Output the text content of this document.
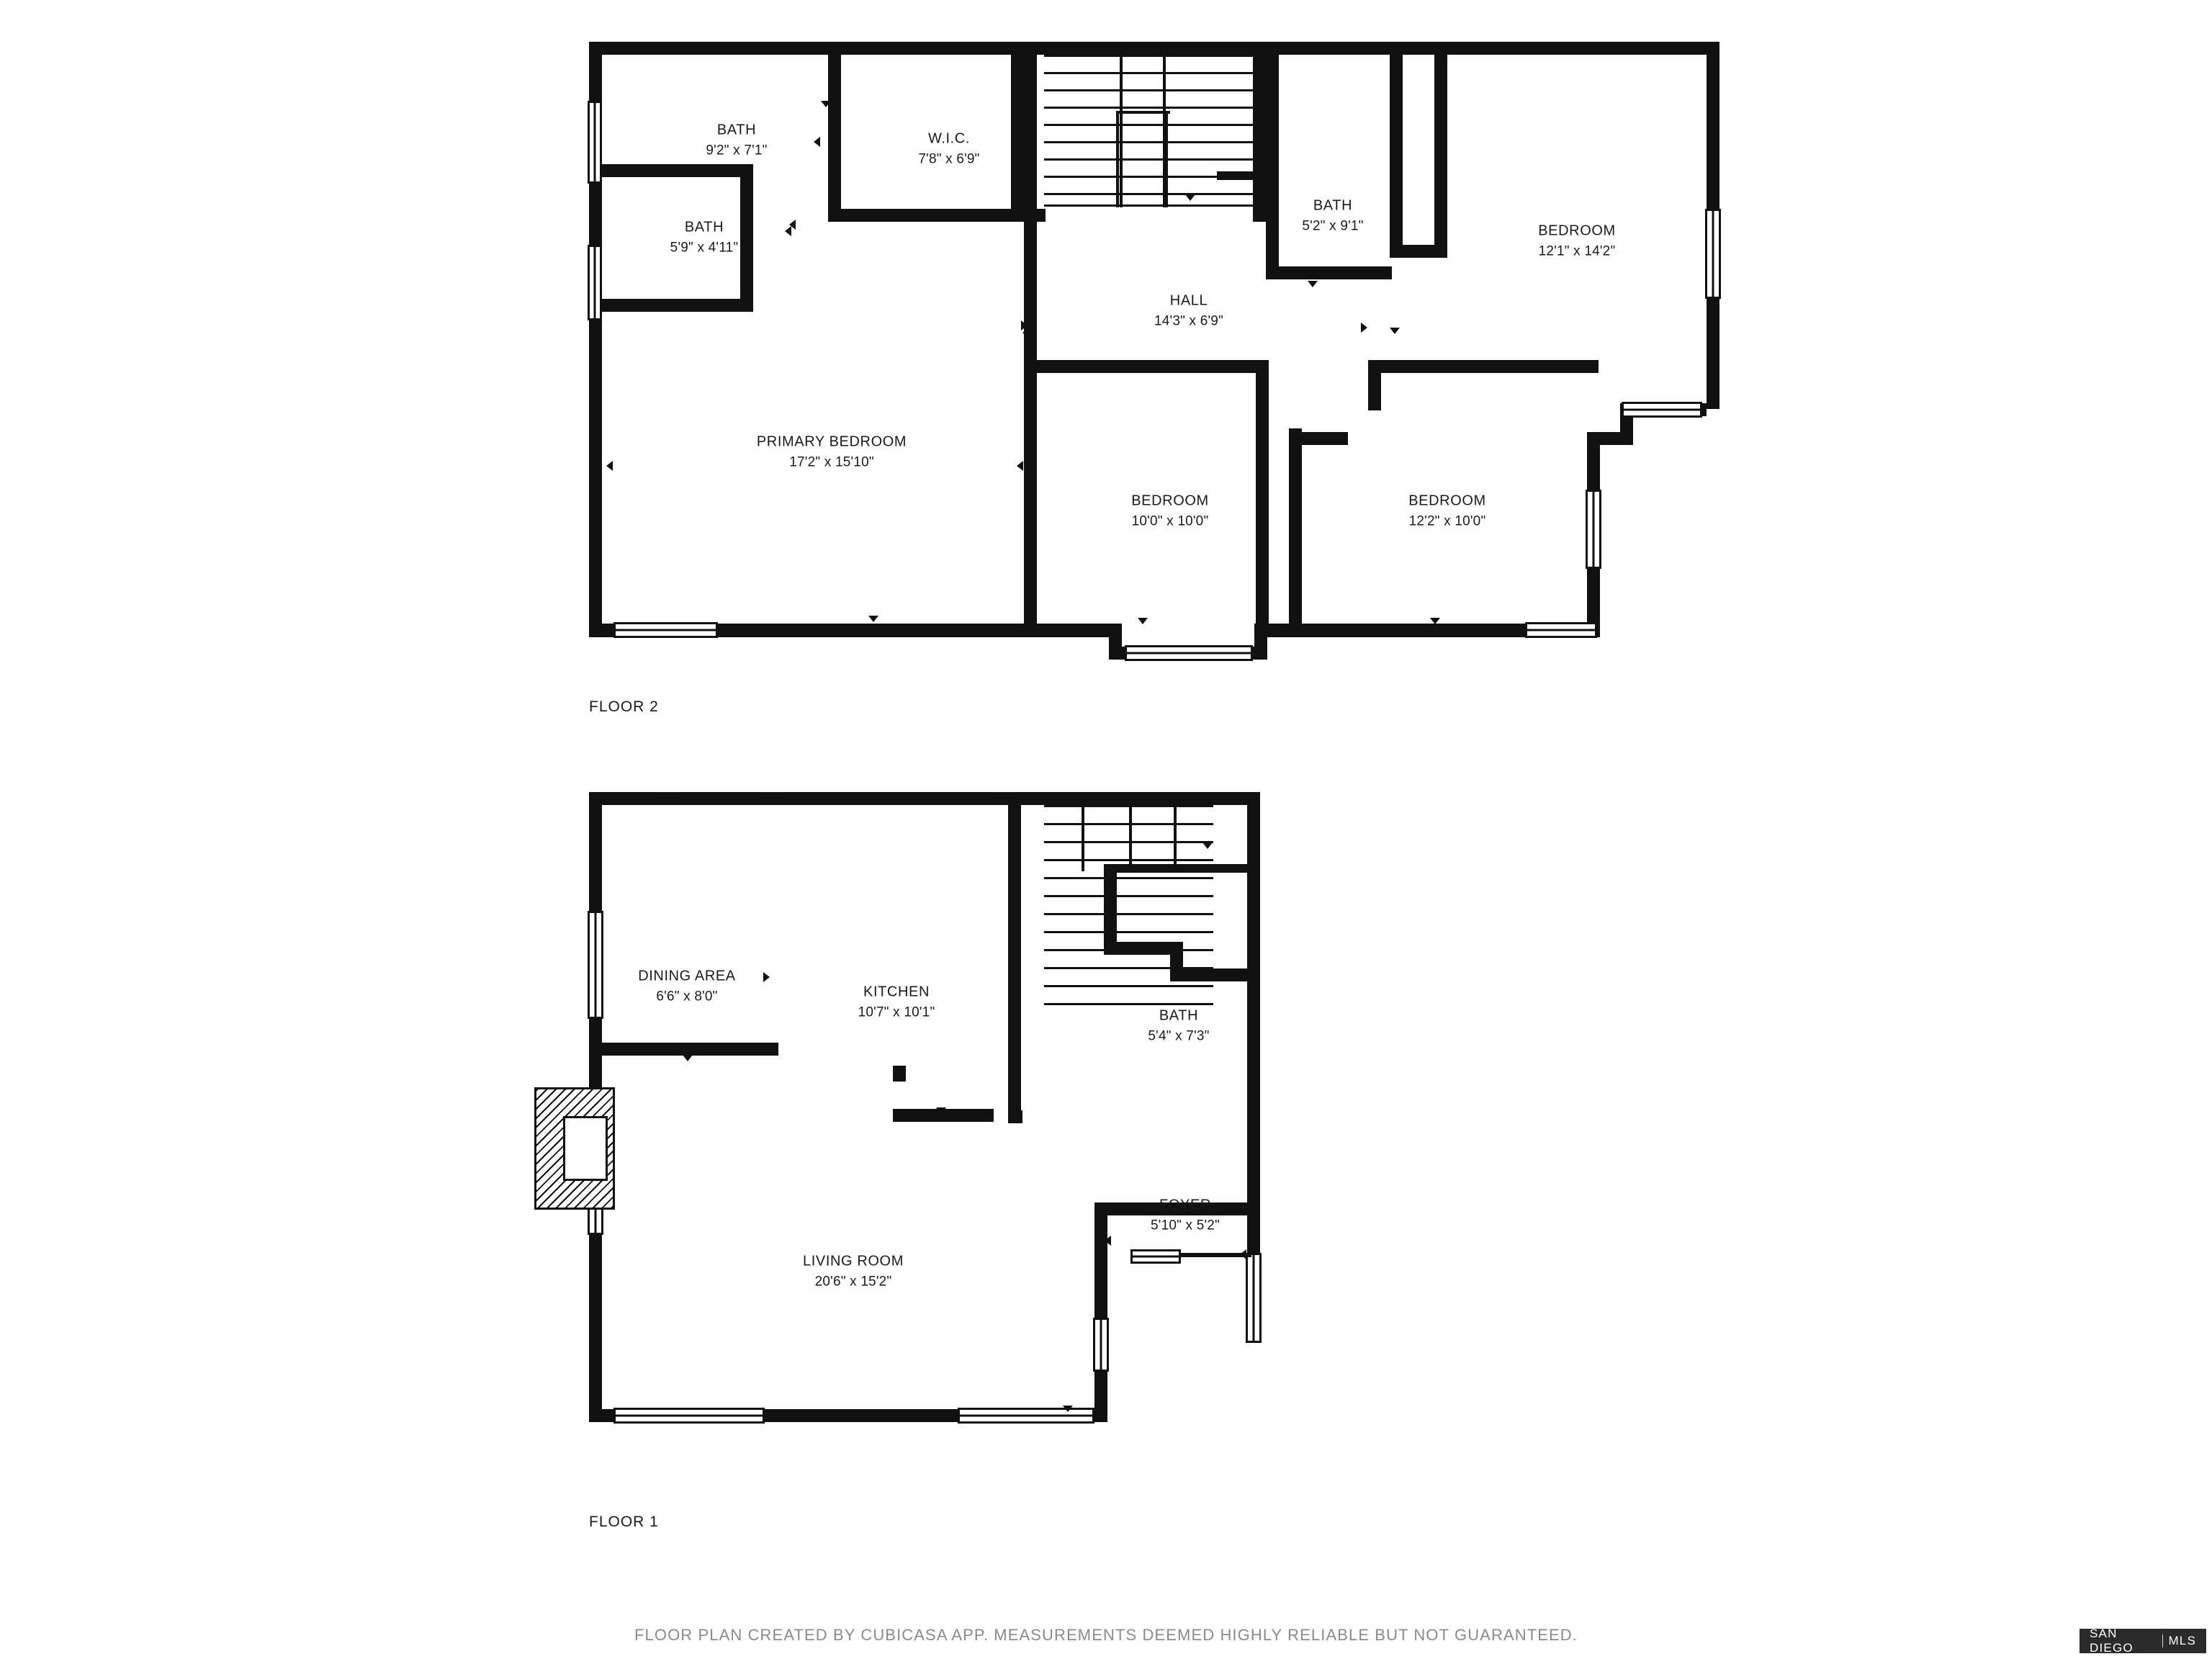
BATH
9'2" x 7'1"
W.I.C.
7'8" x 6'9"
BATH
5'2" x 9'1"	BEDROOM
12'1" x 14'2"
BATH
5'9" x 4'11"
HALL
14'3" x 6'9"
PRIMARY BEDROOM
17'2" x 15'10"
BEDROOM
10'0" x 10'0"
BEDROOM
12'2" x 10'0"
FLOOR 2
DINING AREA
6'6" x 8'0"	KITCHEN
10'7" x 10'1"	BATH
5'4" x 7'3"
FOYER
5'10" x 5'2"
LIVING ROOM
20'6" x 15'2"
FLOOR 1
FLOOR PLAN CREATED BY CUBICASA APP. MEASUREMENTS DEEMED HIGHLY RELIABLE BUT NOT GUARANTEED.	SAN DIEGO
MLS
